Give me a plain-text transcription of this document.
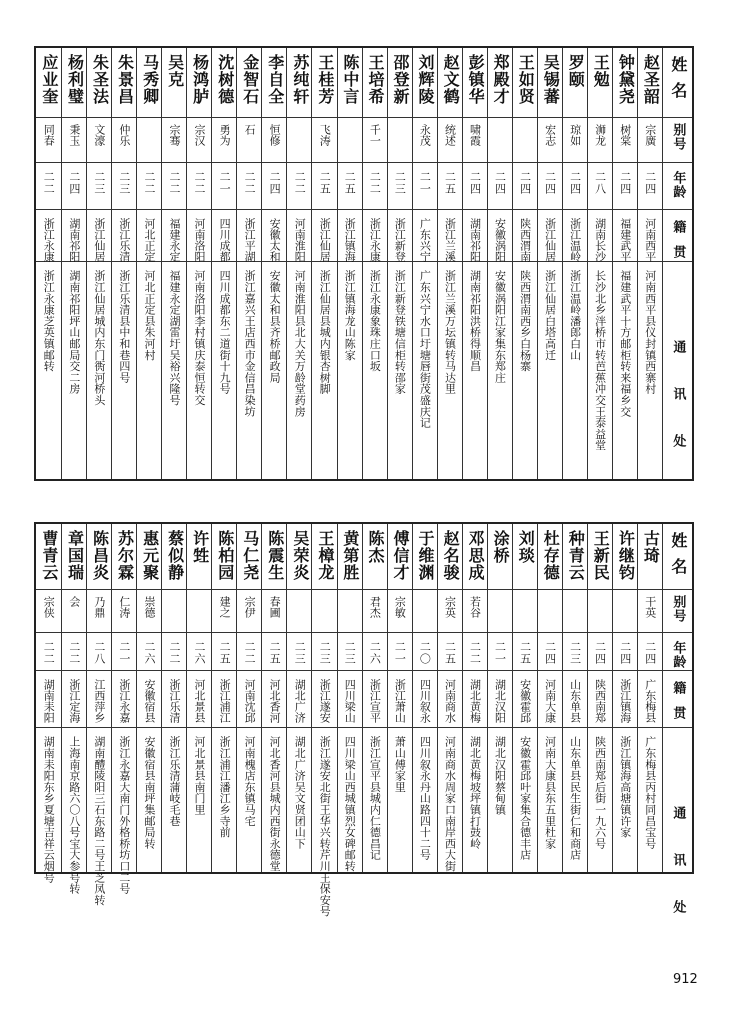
姓名
赵圣韶
钟黛尧
王勉
罗颐
吴锡蕃
王如贤
郑殿才
彭镇华
赵文鹤
刘辉陵
邵登新
王培希
陈中言
王桂芳
苏纯轩
李自全
金智石
沈树德
杨鸿胪
吴克
马秀卿
朱景昌
朱圣法
杨利璧
应业奎
别号
宗廣
树棠
浉龙
琼如
宏志
啸霞
统述
永茂
千一
飞涛
恒修
石
勇为
宗汉
宗骞
仲乐
文濠
秉玉
同春
年龄
二四
二四
二八
二四
二四
二四
二四
二四
二五
二一
二三
二二
二五
二五
二二
二四
二二
二一
二二
二二
二二
二三
二三
二四
二二
籍贯
河南西平
福建武平
湖南长沙
浙江温岭
浙江仙居
陕西渭南
安徽涡阳
湖南祁阳
浙江兰溪
广东兴宁
浙江新登
浙江永康
浙江镇海
浙江仙居
河南淮阳
安徽太和
浙江平湖
四川成都
河南洛阳
福建永定
河北正定
浙江乐清
浙江仙居
湖南祁阳
浙江永康
通讯处
河南西平县仪封镇西寨村
福建武平十方邮柜转来福乡交
长沙北乡泮桥市转芭蕉冲交王泰益堂
浙江温岭潘郎白山
浙江仙居白塔高迁
陕西渭南西乡白杨寨
安徽涡阳江家集东郑庄
湖南祁阳洪桥得顺昌
浙江兰溪万坛镇转马达里
广东兴宁水口圩塘唇街茂盛庆记
浙江新登铁塘信柜转邵家
浙江永康象珠庄口坂
浙江镇海龙山陈家
浙江仙居县城内银杏树脚
河南淮阳县北大关万龄堂药房
安徽太和县齐桥邮政局
浙江嘉兴王店西市金信昌染坊
四川成都东二道街十九号
河南洛阳李村镇庆泰恒转交
福建永定湖雷圩吴裕兴隆号
河北正定县朱河村
浙江乐清县中和巷四号
浙江仙居城内东门衖河桥头
湖南祁阳坪山邮局交二房
浙江永康芝英镇邮转
姓名
古琦
许继钧
王新民
种青云
杜存德
刘琰
涂桥
邓思成
赵名骏
于维渊
傅信才
陈杰
黄第胜
王樟龙
吴荣炎
陈震生
马仁尧
陈柏园
许甡
蔡似静
惠元聚
苏尔霖
陈昌炎
章国瑞
曹青云
别号
干英
若谷
宗英
宗敏
君杰
春圃
宗伊
建之
崇德
仁涛
乃鼎
会
宗侠
年龄
二四
二四
二四
二三
二四
二五
二一
二二
二五
二〇
二一
二六
二三
二三
二三
二五
二二
二五
二六
二二
二六
二一
二八
二二
二二
籍贯
广东梅县
浙江镇海
陕西南郑
山东单县
河南大康
安徽霍邱
湖北汉阳
湖北黄梅
河南商水
四川叙永
浙江萧山
浙江宣平
四川梁山
浙江遂安
湖北广济
河北香河
河南沈邱
浙江浦江
河北景县
浙江乐清
安徽宿县
浙江永嘉
江西萍乡
浙江定海
湖南耒阳
通讯处
广东梅县丙村同昌宝号
浙江镇海高塘镇许家
陕西南郑后街一九六号
山东单县民生街仁和商店
河南大康县东五里杜家
安徽霍邱叶家集合德丰店
湖北汉阳蔡甸镇
湖北黄梅坡坪镇打鼓岭
河南商水周家口南岸西大街
四川叙永丹山路四十二号
萧山傅家里
浙江宣平县城内仁德昌记
四川梁山西城镇烈女碑邮转
浙江遂安北街王华兴转芹川王保安号
湖北广济吴文贤团山下
河北香河县城内西街永德堂
河南槐店东镇马宅
浙江浦江潘江乡寺前
河北景县南门里
浙江乐清蒲岐毛巷
安徽宿县南坪集邮局转
浙江永嘉大南门外格桥坊口二号
湖南醴陵阳三石东路二号王芝凤转
上海南京路六〇八号宝大参号转
湖南耒阳东乡夏塘吉祥云烟号
912
